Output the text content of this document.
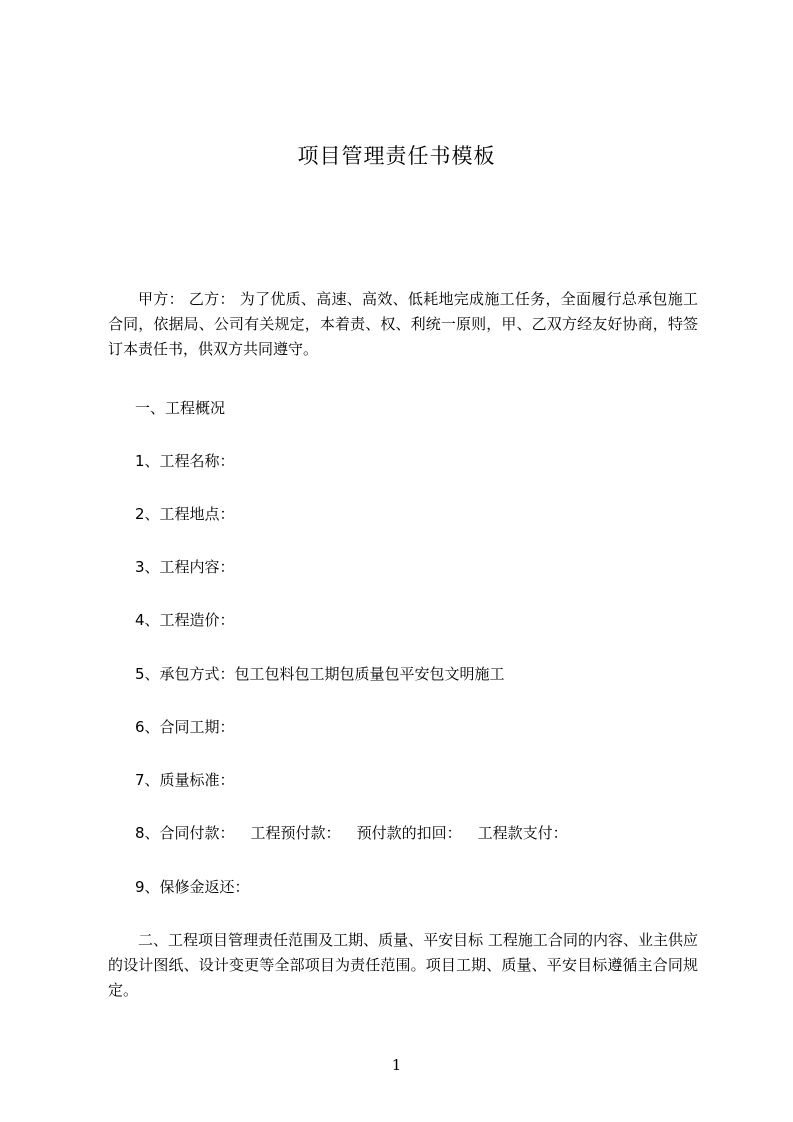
项目管理责任书模板

甲方： 乙方： 为了优质、高速、高效、低耗地完成施工任务，全面履行总承包施工合同，依据局、公司有关规定，本着责、权、利统一原则，甲、乙双方经友好协商，特签订本责任书，供双方共同遵守。

一、工程概况
1、工程名称：
2、工程地点：
3、工程内容：
4、工程造价：
5、承包方式：包工包料包工期包质量包平安包文明施工
6、合同工期：
7、质量标准：
8、合同付款： 工程预付款： 预付款的扣回： 工程款支付：
9、保修金返还：

二、工程项目管理责任范围及工期、质量、平安目标 工程施工合同的内容、业主供应的设计图纸、设计变更等全部项目为责任范围。项目工期、质量、平安目标遵循主合同规定。

1
